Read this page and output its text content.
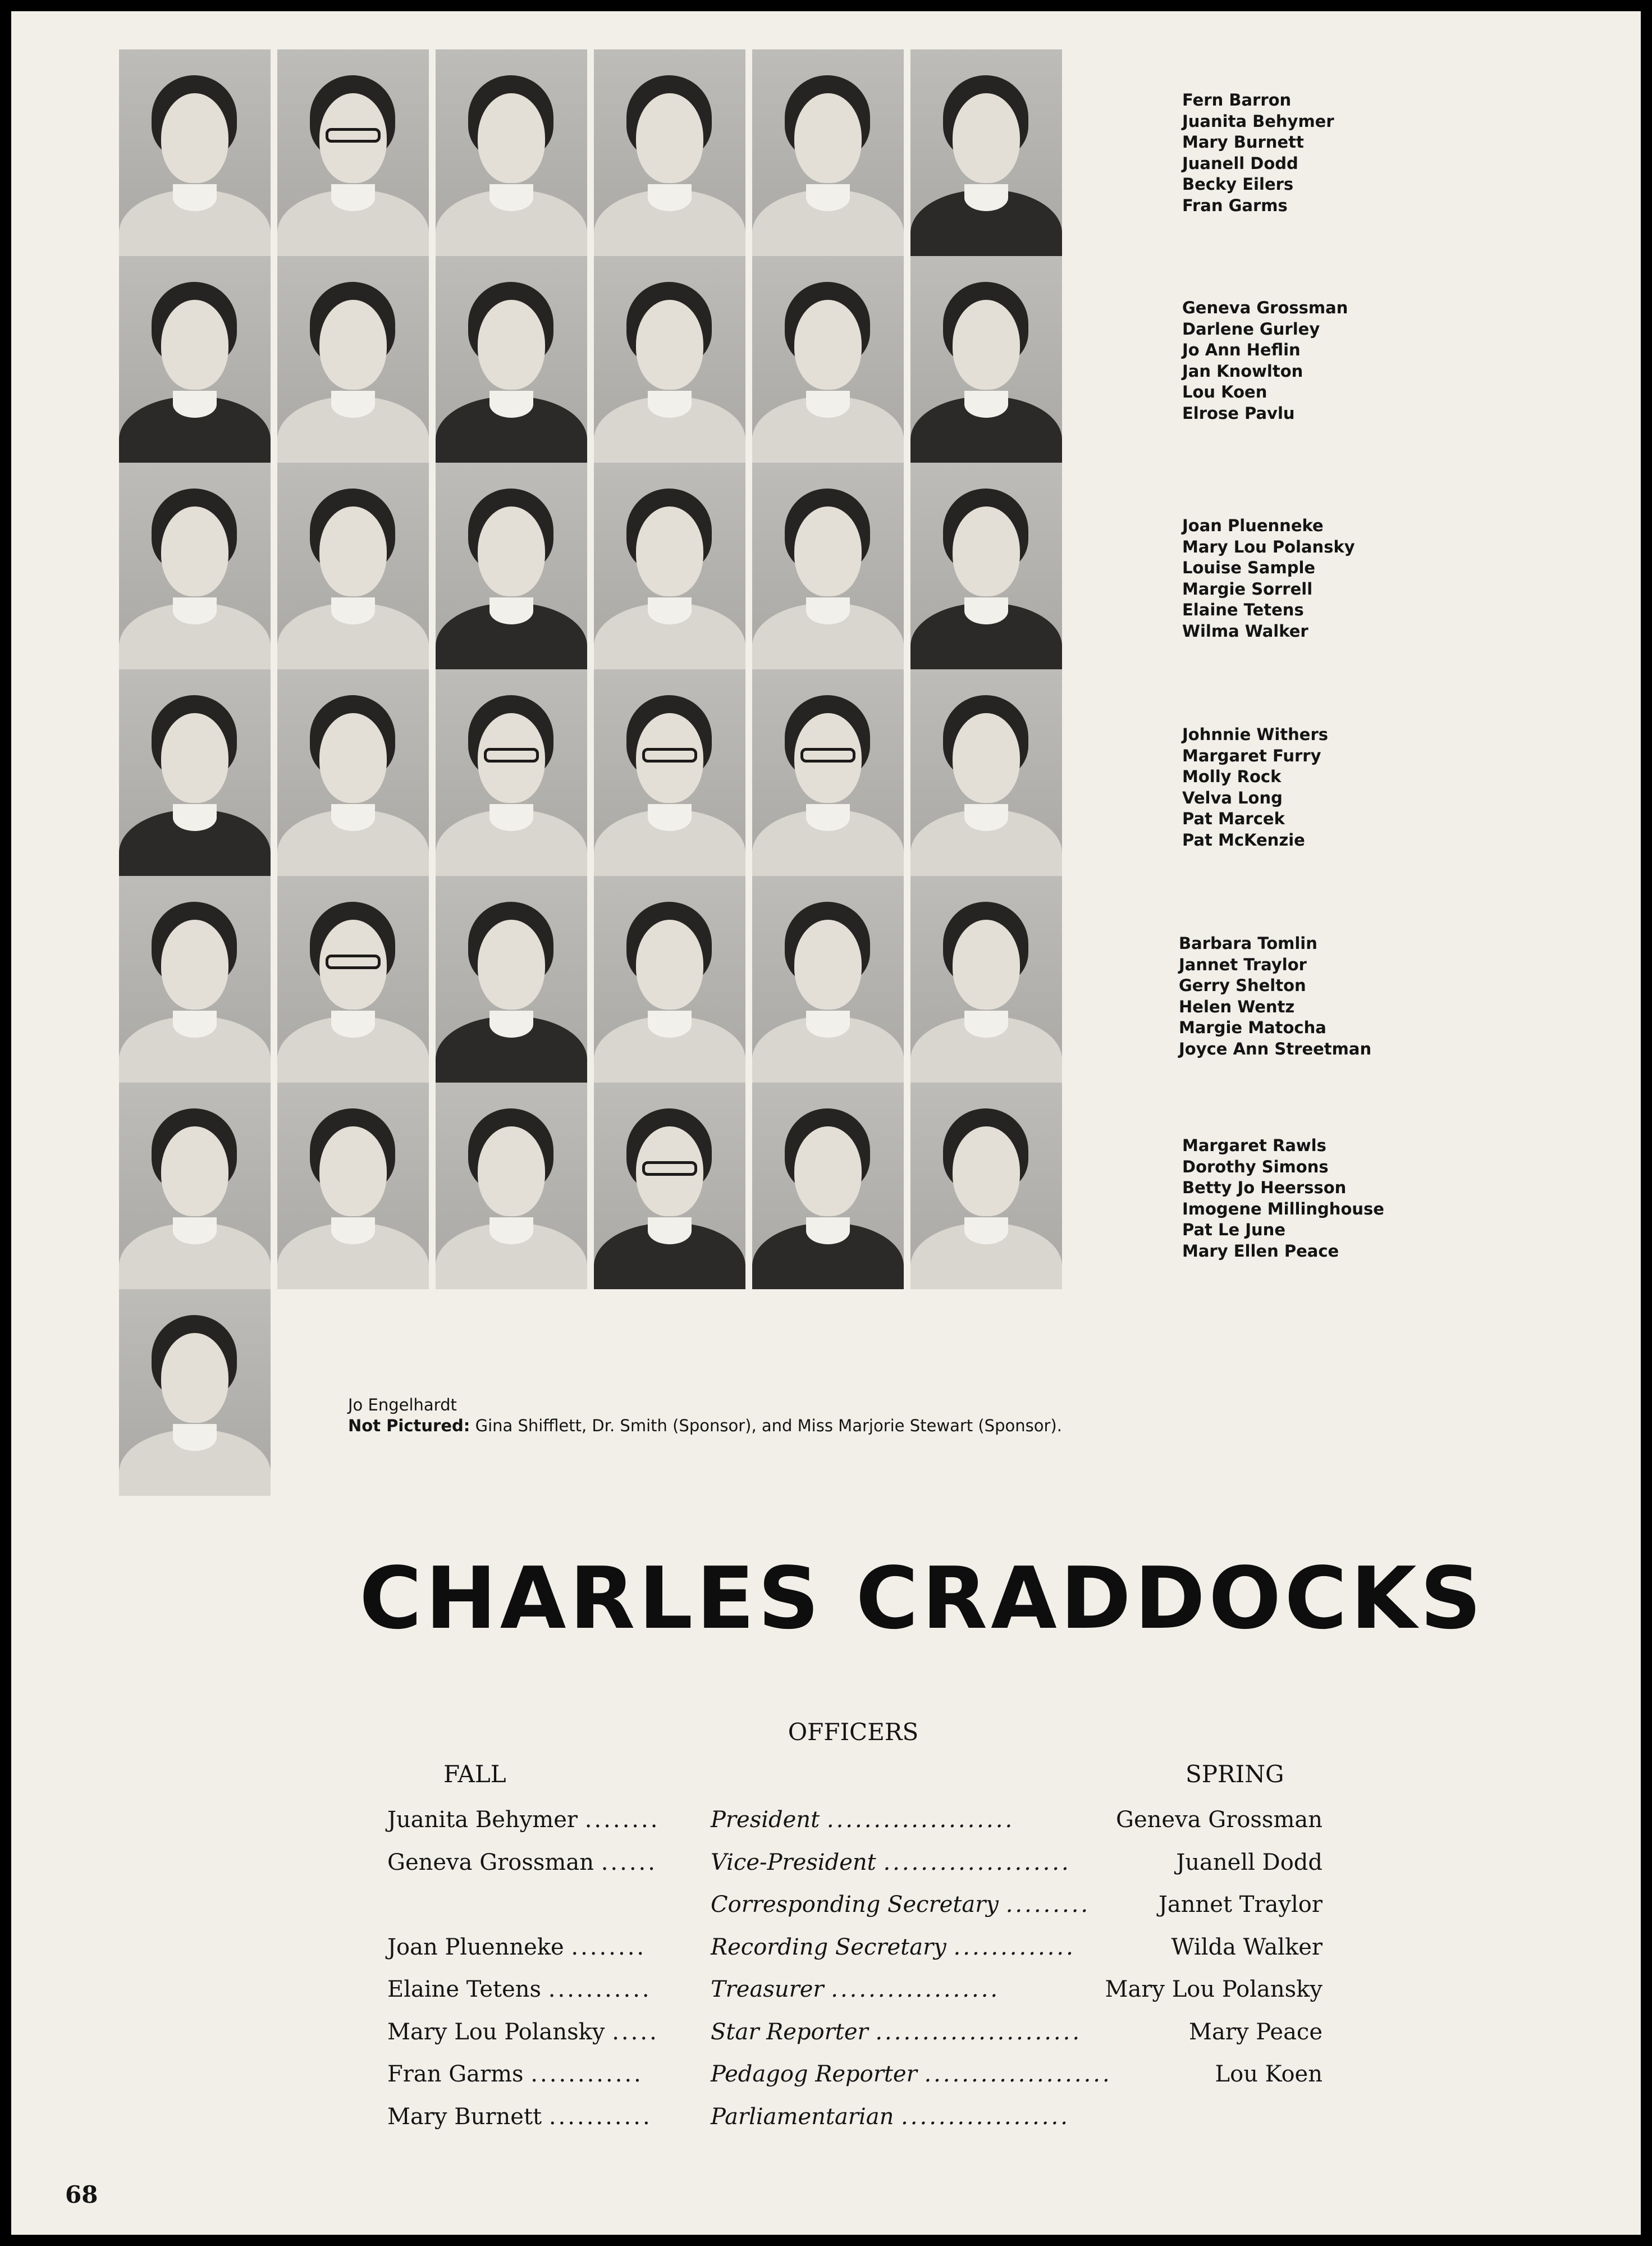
Fern Barron
Juanita Behymer
Mary Burnett
Juanell Dodd
Becky Eilers
Fran Garms
Geneva Grossman
Darlene Gurley
Jo Ann Heflin
Jan Knowlton
Lou Koen
Elrose Pavlu
Joan Pluenneke
Mary Lou Polansky
Louise Sample
Margie Sorrell
Elaine Tetens
Wilma Walker
Johnnie Withers
Margaret Furry
Molly Rock
Velva Long
Pat Marcek
Pat McKenzie
Barbara Tomlin
Jannet Traylor
Gerry Shelton
Helen Wentz
Margie Matocha
Joyce Ann Streetman
Margaret Rawls
Dorothy Simons
Betty Jo Heersson
Imogene Millinghouse
Pat Le June
Mary Ellen Peace
Jo Engelhardt
Not Pictured: Gina Shifflett, Dr. Smith (Sponsor), and Miss Marjorie Stewart (Sponsor).
CHARLES CRADDOCKS
OFFICERS
FALL	SPRING
Juanita Behymer ........ President ....................	Geneva Grossman
Geneva Grossman ...... Vice-President ....................	Juanell Dodd
Corresponding Secretary .........	Jannet Traylor
Joan Pluenneke ........	Recording Secretary .............	Wilda Walker
Elaine Tetens ...........	Treasurer ..................	Mary Lou Polansky
Mary Lou Polansky ..... Star Reporter ......................	Mary Peace
Fran Garms ............	Pedagog Reporter ....................	Lou Koen
Mary Burnett ...........	Parliamentarian ..................
68
